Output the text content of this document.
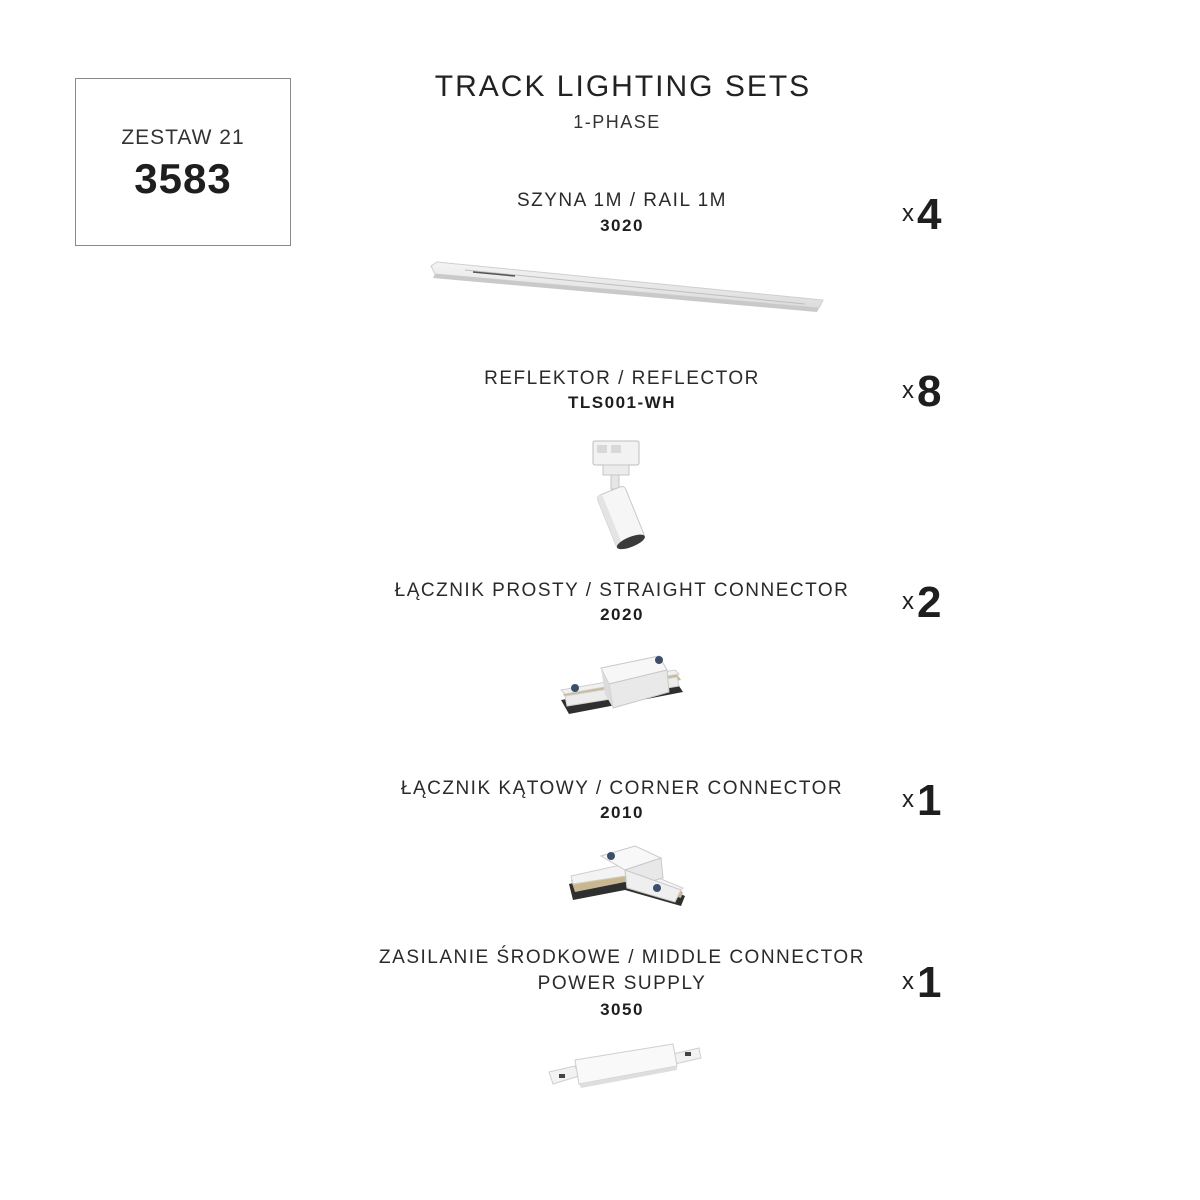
ZESTAW 21
3583
TRACK LIGHTING SETS
1-PHASE
SZYNA 1M / RAIL 1M
3020	x4
REFLEKTOR / REFLECTOR
TLS001-WH	x8
ŁĄCZNIK PROSTY / STRAIGHT CONNECTOR
2020	x2
ŁĄCZNIK KĄTOWY / CORNER CONNECTOR
2010	x1
ZASILANIE ŚRODKOWE / MIDDLE CONNECTOR
POWER SUPPLY
3050
x1
